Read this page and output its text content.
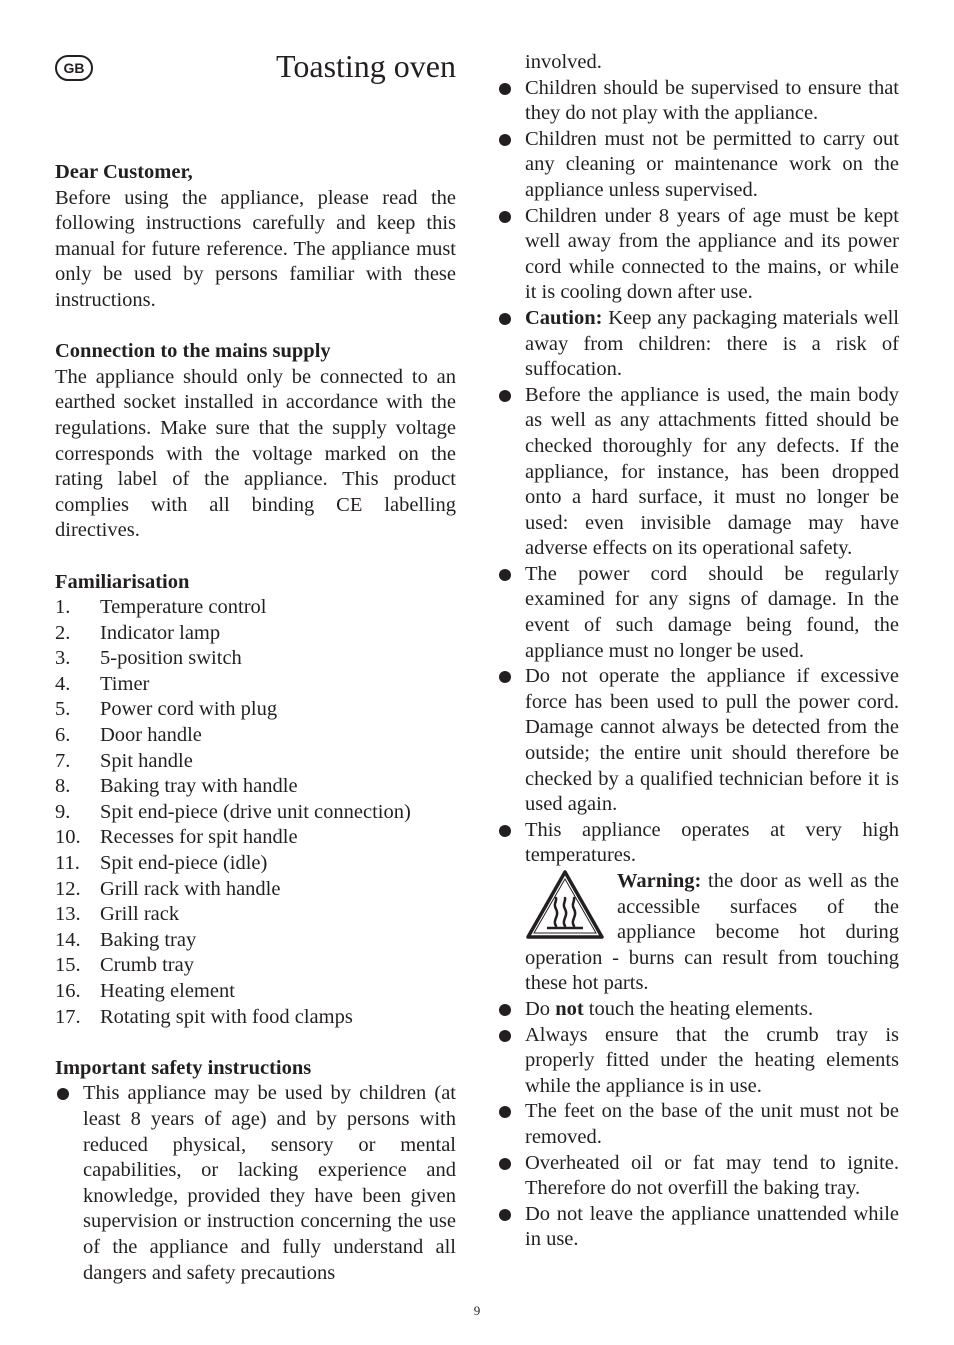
GB	Toasting oven
Dear Customer,

Before using the appliance, please read the following instructions carefully and keep this manual for future reference. The appliance must only be used by persons familiar with these instructions.

Connection to the mains supply

The appliance should only be connected to an earthed socket installed in accordance with the regulations. Make sure that the supply voltage corresponds with the voltage marked on the rating label of the appliance. This product complies with all binding CE labelling directives.

Familiarisation
1.	Temperature control
2.	Indicator lamp
3.	5-position switch
4.	Timer
5.	Power cord with plug
6.	Door handle
7.	Spit handle
8.	Baking tray with handle
9.	Spit end-piece (drive unit connection)
10. Recesses for spit handle
11. Spit end-piece (idle)
12. Grill rack with handle
13. Grill rack
14. Baking tray
15. Crumb tray
16. Heating element
17. Rotating spit with food clamps
Important safety instructions
This appliance may be used by children (at least 8 years of age) and by persons with reduced physical, sensory or mental capabilities, or lacking experience and knowledge, provided they have been given supervision or instruction concerning the use of the appliance and fully understand all dangers and safety precautions
involved.
Children should be supervised to ensure that they do not play with the appliance.
Children must not be permitted to carry out any cleaning or maintenance work on the appliance unless supervised.
Children under 8 years of age must be kept well away from the appliance and its power cord while connected to the mains, or while it is cooling down after use.
Caution: Keep any packaging materials well away from children: there is a risk of suffocation.
Before the appliance is used, the main body as well as any attachments fitted should be checked thoroughly for any defects. If the appliance, for instance, has been dropped onto a hard surface, it must no longer be used: even invisible damage may have adverse effects on its operational safety.
The power cord should be regularly examined for any signs of damage. In the event of such damage being found, the appliance must no longer be used.
Do not operate the appliance if excessive force has been used to pull the power cord. Damage cannot always be detected from the outside; the entire unit should therefore be checked by a qualified technician before it is used again.
This appliance operates at very high temperatures.

Warning: the door as well as the accessible surfaces of the appliance become hot during operation - burns can result from touching these hot parts.

Do not touch the heating elements.
Always ensure that the crumb tray is properly fitted under the heating elements while the appliance is in use.
The feet on the base of the unit must not be removed.
Overheated oil or fat may tend to ignite. Therefore do not overfill the baking tray.
Do not leave the appliance unattended while in use.
9
